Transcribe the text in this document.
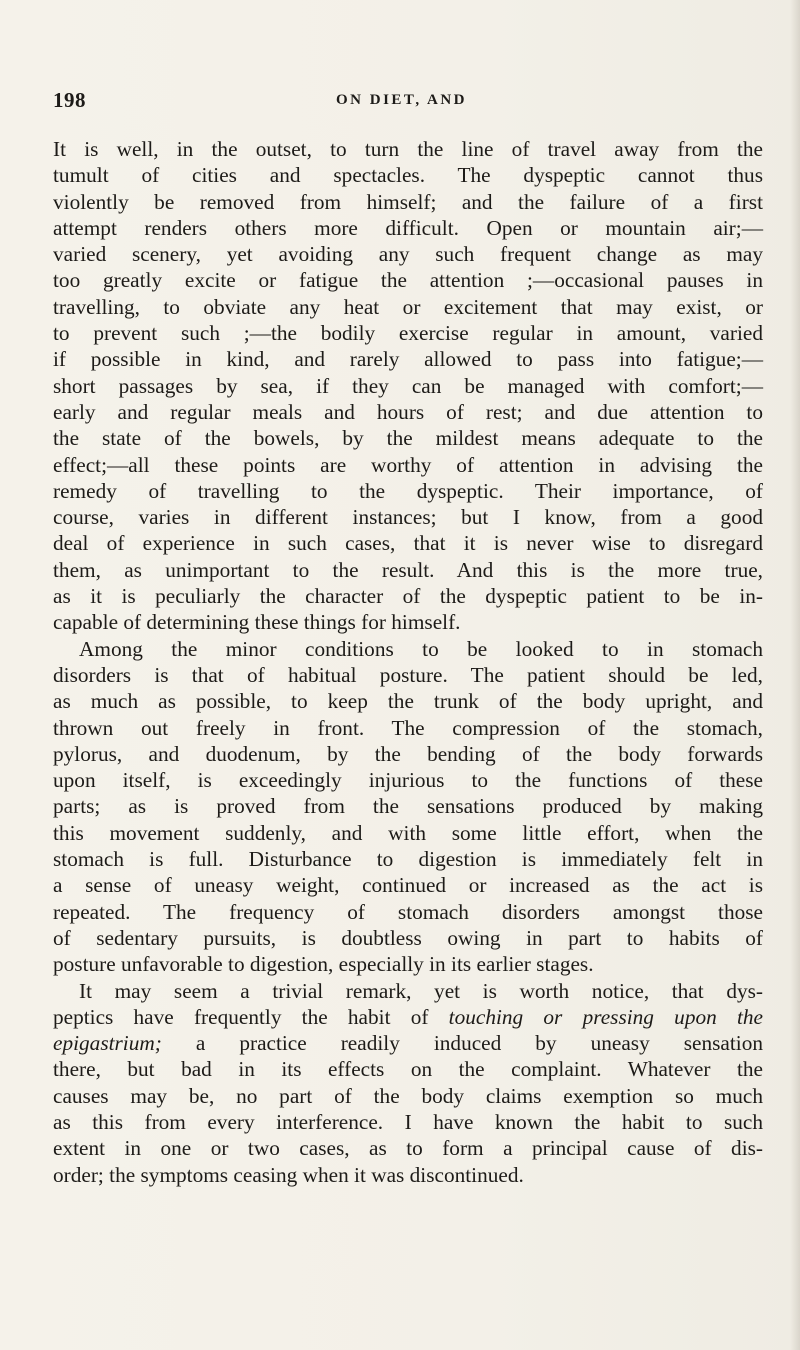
198	ON DIET, AND

It is well, in the outset, to turn the line of travel away from the
tumult of cities and spectacles. The dyspeptic cannot thus
violently be removed from himself; and the failure of a first
attempt renders others more difficult. Open or mountain air;—
varied scenery, yet avoiding any such frequent change as may
too greatly excite or fatigue the attention ;—occasional pauses in
travelling, to obviate any heat or excitement that may exist, or
to prevent such ;—the bodily exercise regular in amount, varied
if possible in kind, and rarely allowed to pass into fatigue;—
short passages by sea, if they can be managed with comfort;—
early and regular meals and hours of rest; and due attention to
the state of the bowels, by the mildest means adequate to the
effect;—all these points are worthy of attention in advising the
remedy of travelling to the dyspeptic. Their importance, of
course, varies in different instances; but I know, from a good
deal of experience in such cases, that it is never wise to disregard
them, as unimportant to the result. And this is the more true,
as it is peculiarly the character of the dyspeptic patient to be in-
capable of determining these things for himself.

Among the minor conditions to be looked to in stomach
disorders is that of habitual posture. The patient should be led,
as much as possible, to keep the trunk of the body upright, and
thrown out freely in front. The compression of the stomach,
pylorus, and duodenum, by the bending of the body forwards
upon itself, is exceedingly injurious to the functions of these
parts; as is proved from the sensations produced by making
this movement suddenly, and with some little effort, when the
stomach is full. Disturbance to digestion is immediately felt in
a sense of uneasy weight, continued or increased as the act is
repeated. The frequency of stomach disorders amongst those
of sedentary pursuits, is doubtless owing in part to habits of
posture unfavorable to digestion, especially in its earlier stages.

It may seem a trivial remark, yet is worth notice, that dys-
peptics have frequently the habit of touching or pressing upon the
epigastrium; a practice readily induced by uneasy sensation
there, but bad in its effects on the complaint. Whatever the
causes may be, no part of the body claims exemption so much
as this from every interference. I have known the habit to such
extent in one or two cases, as to form a principal cause of dis-
order; the symptoms ceasing when it was discontinued.
